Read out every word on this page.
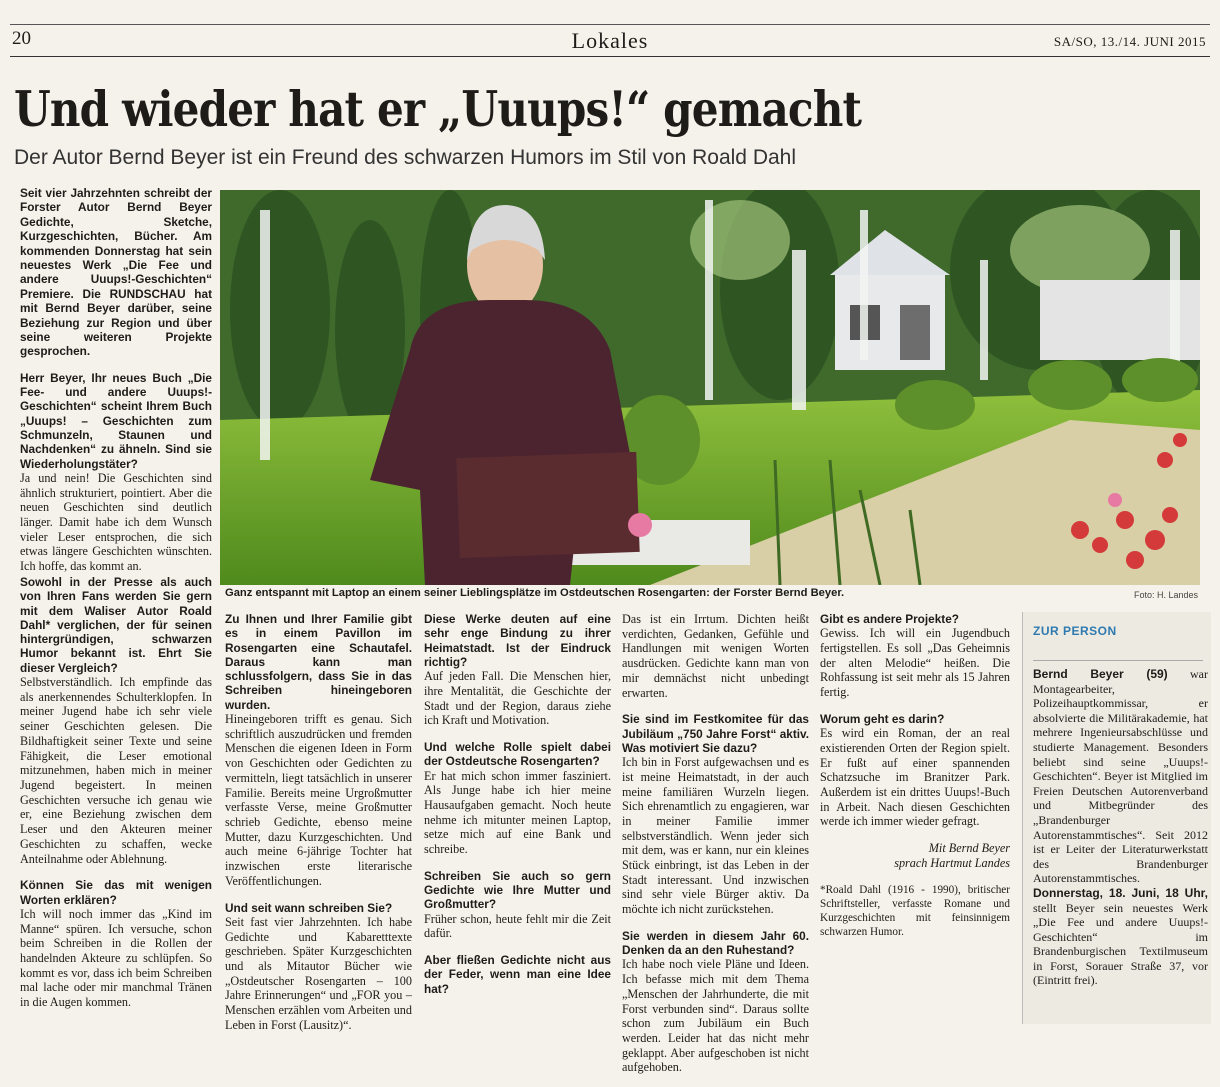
20	Lokales	SA/SO, 13./14. JUNI 2015
Und wieder hat er „Uuups!“ gemacht
Der Autor Bernd Beyer ist ein Freund des schwarzen Humors im Stil von Roald Dahl

Seit vier Jahrzehnten schreibt der Forster Autor Bernd Beyer Gedichte, Sketche, Kurzgeschichten, Bücher. Am kommenden Donnerstag hat sein neuestes Werk „Die Fee und andere Uuups!-Geschichten“ Premiere. Die RUNDSCHAU hat mit Bernd Beyer darüber, seine Beziehung zur Region und über seine weiteren Projekte gesprochen.

Herr Beyer, Ihr neues Buch „Die Fee- und andere Uuups!-Geschichten“ scheint Ihrem Buch „Uuups! – Geschichten zum Schmunzeln, Staunen und Nachdenken“ zu ähneln. Sind sie Wiederholungstäter?
Ja und nein! Die Geschichten sind ähnlich strukturiert, pointiert. Aber die neuen Geschichten sind deutlich länger. Damit habe ich dem Wunsch vieler Leser entsprochen, die sich etwas längere Geschichten wünschten. Ich hoffe, das kommt an.

Sowohl in der Presse als auch von Ihren Fans werden Sie gern mit dem Waliser Autor Roald Dahl* verglichen, der für seinen hintergründigen, schwarzen Humor bekannt ist. Ehrt Sie dieser Vergleich?
Selbstverständlich. Ich empfinde das als anerkennendes Schulterklopfen. In meiner Jugend habe ich sehr viele seiner Geschichten gelesen. Die Bildhaftigkeit seiner Texte und seine Fähigkeit, die Leser emotional mitzunehmen, haben mich in meiner Jugend begeistert. In meinen Geschichten versuche ich genau wie er, eine Beziehung zwischen dem Leser und den Akteuren meiner Geschichten zu schaffen, wecke Anteilnahme oder Ablehnung.

Können Sie das mit wenigen Worten erklären?
Ich will noch immer das „Kind im Manne“ spüren. Ich versuche, schon beim Schreiben in die Rollen der handelnden Akteure zu schlüpfen. So kommt es vor, dass ich beim Schreiben mal lache oder mir manchmal Tränen in die Augen kommen.

Ganz entspannt mit Laptop an einem seiner Lieblingsplätze im Ostdeutschen Rosengarten: der Forster Bernd Beyer.	Foto: H. Landes

Zu Ihnen und Ihrer Familie gibt es in einem Pavillon im Rosengarten eine Schautafel. Daraus kann man schlussfolgern, dass Sie in das Schreiben hineingeboren wurden.
Hineingeboren trifft es genau. Sich schriftlich auszudrücken und fremden Menschen die eigenen Ideen in Form von Geschichten oder Gedichten zu vermitteln, liegt tatsächlich in unserer Familie. Bereits meine Urgroßmutter verfasste Verse, meine Großmutter schrieb Gedichte, ebenso meine Mutter, dazu Kurzgeschichten. Und auch meine 6-jährige Tochter hat inzwischen erste literarische Veröffentlichungen.

Und seit wann schreiben Sie?
Seit fast vier Jahrzehnten. Ich habe Gedichte und Kabaretttexte geschrieben. Später Kurzgeschichten und als Mitautor Bücher wie „Ostdeutscher Rosengarten – 100 Jahre Erinnerungen“ und „FOR you – Menschen erzählen vom Arbeiten und Leben in Forst (Lausitz)“.

Diese Werke deuten auf eine sehr enge Bindung zu ihrer Heimatstadt. Ist der Eindruck richtig?
Auf jeden Fall. Die Menschen hier, ihre Mentalität, die Geschichte der Stadt und der Region, daraus ziehe ich Kraft und Motivation.

Und welche Rolle spielt dabei der Ostdeutsche Rosengarten?
Er hat mich schon immer fasziniert. Als Junge habe ich hier meine Hausaufgaben gemacht. Noch heute nehme ich mitunter meinen Laptop, setze mich auf eine Bank und schreibe.

Schreiben Sie auch so gern Gedichte wie Ihre Mutter und Großmutter?
Früher schon, heute fehlt mir die Zeit dafür.

Aber fließen Gedichte nicht aus der Feder, wenn man eine Idee hat?

Das ist ein Irrtum. Dichten heißt verdichten, Gedanken, Gefühle und Handlungen mit wenigen Worten ausdrücken. Gedichte kann man von mir demnächst nicht unbedingt erwarten.

Sie sind im Festkomitee für das Jubiläum „750 Jahre Forst“ aktiv. Was motiviert Sie dazu?
Ich bin in Forst aufgewachsen und es ist meine Heimatstadt, in der auch meine familiären Wurzeln liegen. Sich ehrenamtlich zu engagieren, war in meiner Familie immer selbstverständlich. Wenn jeder sich mit dem, was er kann, nur ein kleines Stück einbringt, ist das Leben in der Stadt interessant. Und inzwischen sind sehr viele Bürger aktiv. Da möchte ich nicht zurückstehen.

Sie werden in diesem Jahr 60. Denken da an den Ruhestand?
Ich habe noch viele Pläne und Ideen. Ich befasse mich mit dem Thema „Menschen der Jahrhunderte, die mit Forst verbunden sind“. Daraus sollte schon zum Jubiläum ein Buch werden. Leider hat das nicht mehr geklappt. Aber aufgeschoben ist nicht aufgehoben.

Gibt es andere Projekte?
Gewiss. Ich will ein Jugendbuch fertigstellen. Es soll „Das Geheimnis der alten Melodie“ heißen. Die Rohfassung ist seit mehr als 15 Jahren fertig.

Worum geht es darin?
Es wird ein Roman, der an real existierenden Orten der Region spielt. Er fußt auf einer spannenden Schatzsuche im Branitzer Park. Außerdem ist ein drittes Uuups!-Buch in Arbeit. Nach diesen Geschichten werde ich immer wieder gefragt.

Mit Bernd Beyer
sprach Hartmut Landes

*Roald Dahl (1916 - 1990), britischer Schriftsteller, verfasste Romane und Kurzgeschichten mit feinsinnigem schwarzen Humor.

ZUR PERSON
Bernd Beyer (59) war Montagearbeiter, Polizeihauptkommissar, er absolvierte die Militärakademie, hat mehrere Ingenieursabschlüsse und studierte Management. Besonders beliebt sind seine „Uuups!-Geschichten“. Beyer ist Mitglied im Freien Deutschen Autorenverband und Mitbegründer des „Brandenburger Autorenstammtisches“. Seit 2012 ist er Leiter der Literaturwerkstatt des Brandenburger Autorenstammtisches.
Donnerstag, 18. Juni, 18 Uhr, stellt Beyer sein neuestes Werk „Die Fee und andere Uuups!-Geschichten“ im Brandenburgischen Textilmuseum in Forst, Sorauer Straße 37, vor (Eintritt frei).
